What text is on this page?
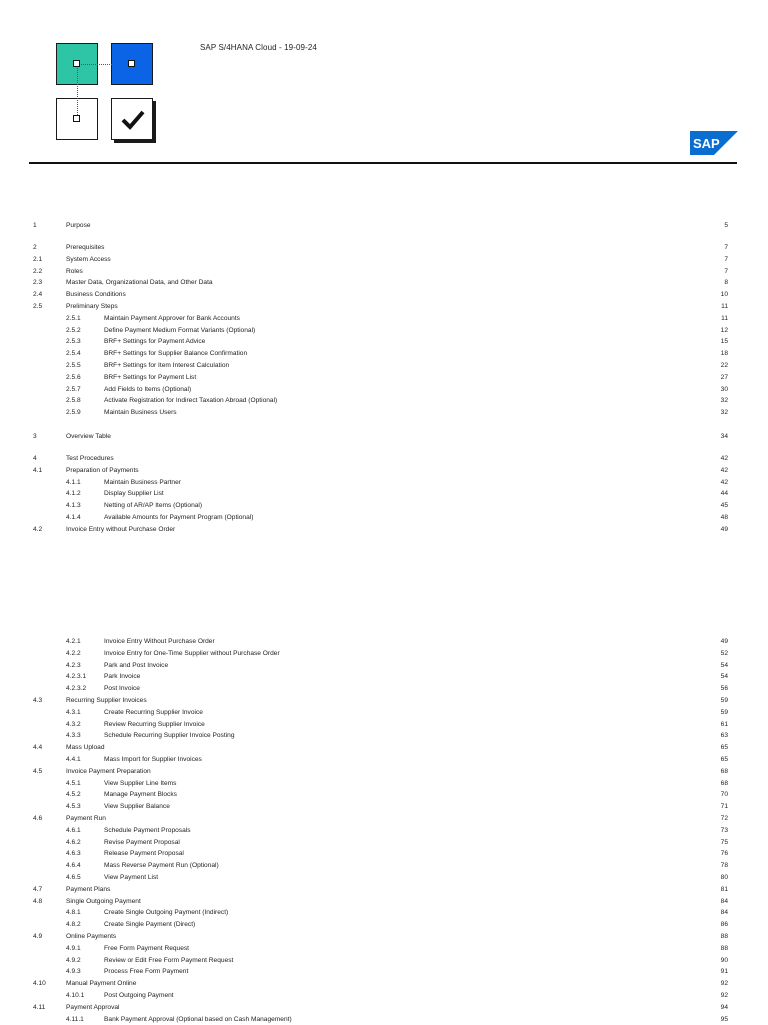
SAP S/4HANA Cloud - 19-09-24
SAP
1	Purpose	5
2	Prerequisites	7
2.1	System Access	7
2.2	Roles	7
2.3	Master Data, Organizational Data, and Other Data	8
2.4	Business Conditions	10
2.5	Preliminary Steps	11
2.5.1	Maintain Payment Approver for Bank Accounts	11
2.5.2	Define Payment Medium Format Variants (Optional)	12
2.5.3	BRF+ Settings for Payment Advice	15
2.5.4	BRF+ Settings for Supplier Balance Confirmation	18
2.5.5	BRF+ Settings for Item Interest Calculation	22
2.5.6	BRF+ Settings for Payment List	27
2.5.7	Add Fields to Items (Optional)	30
2.5.8	Activate Registration for Indirect Taxation Abroad (Optional)	32
2.5.9	Maintain Business Users	32
3	Overview Table	34
4	Test Procedures	42
4.1	Preparation of Payments	42
4.1.1	Maintain Business Partner	42
4.1.2	Display Supplier List	44
4.1.3	Netting of AR/AP Items (Optional)	45
4.1.4	Available Amounts for Payment Program (Optional)	48
4.2	Invoice Entry without Purchase Order	49
4.2.1	Invoice Entry Without Purchase Order	49
4.2.2	Invoice Entry for One-Time Supplier without Purchase Order	52
4.2.3	Park and Post Invoice	54
4.2.3.1	Park Invoice	54
4.2.3.2	Post Invoice	56
4.3	Recurring Supplier Invoices	59
4.3.1	Create Recurring Supplier Invoice	59
4.3.2	Review Recurring Supplier Invoice	61
4.3.3	Schedule Recurring Supplier Invoice Posting	63
4.4	Mass Upload	65
4.4.1	Mass Import for Supplier Invoices	65
4.5	Invoice Payment Preparation	68
4.5.1	View Supplier Line Items	68
4.5.2	Manage Payment Blocks	70
4.5.3	View Supplier Balance	71
4.6	Payment Run	72
4.6.1	Schedule Payment Proposals	73
4.6.2	Revise Payment Proposal	75
4.6.3	Release Payment Proposal	76
4.6.4	Mass Reverse Payment Run (Optional)	78
4.6.5	View Payment List	80
4.7	Payment Plans	81
4.8	Single Outgoing Payment	84
4.8.1	Create Single Outgoing Payment (Indirect)	84
4.8.2	Create Single Payment (Direct)	86
4.9	Online Payments	88
4.9.1	Free Form Payment Request	88
4.9.2	Review or Edit Free Form Payment Request	90
4.9.3	Process Free Form Payment	91
4.10	Manual Payment Online	92
4.10.1	Post Outgoing Payment	92
4.11	Payment Approval	94
4.11.1	Bank Payment Approval (Optional based on Cash Management)	95
